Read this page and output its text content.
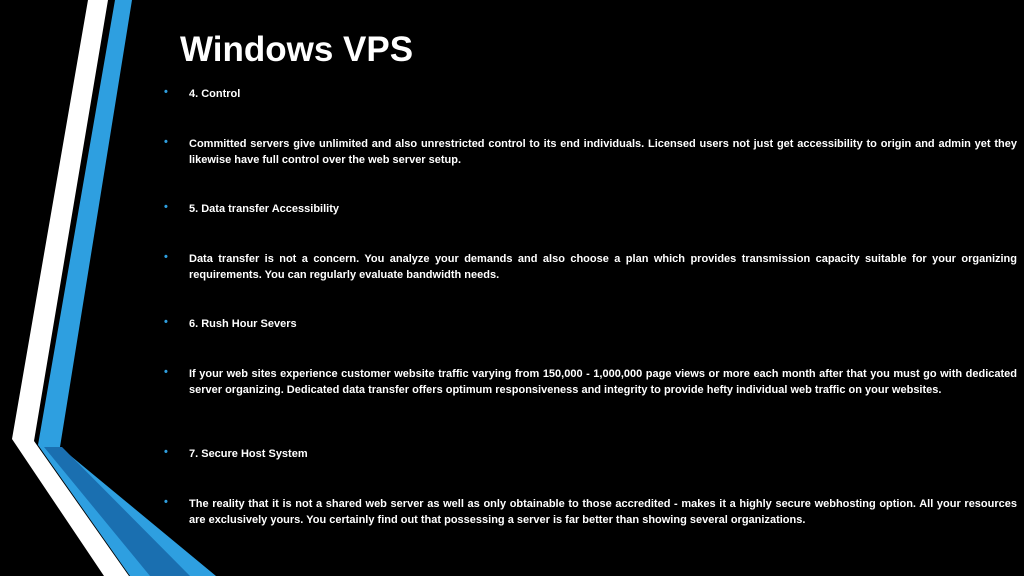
Windows VPS
• 4. Control
• Committed servers give unlimited and also unrestricted control to its end individuals. Licensed users not just get accessibility to origin and admin yet they likewise have full control over the web server setup.
• 5. Data transfer Accessibility
• Data transfer is not a concern. You analyze your demands and also choose a plan which provides transmission capacity suitable for your organizing requirements. You can regularly evaluate bandwidth needs.
• 6. Rush Hour Severs
• If your web sites experience customer website traffic varying from 150,000 - 1,000,000 page views or more each month after that you must go with dedicated server organizing. Dedicated data transfer offers optimum responsiveness and integrity to provide hefty individual web traffic on your websites.
• 7. Secure Host System
• The reality that it is not a shared web server as well as only obtainable to those accredited - makes it a highly secure webhosting option. All your resources are exclusively yours. You certainly find out that possessing a server is far better than showing several organizations.
